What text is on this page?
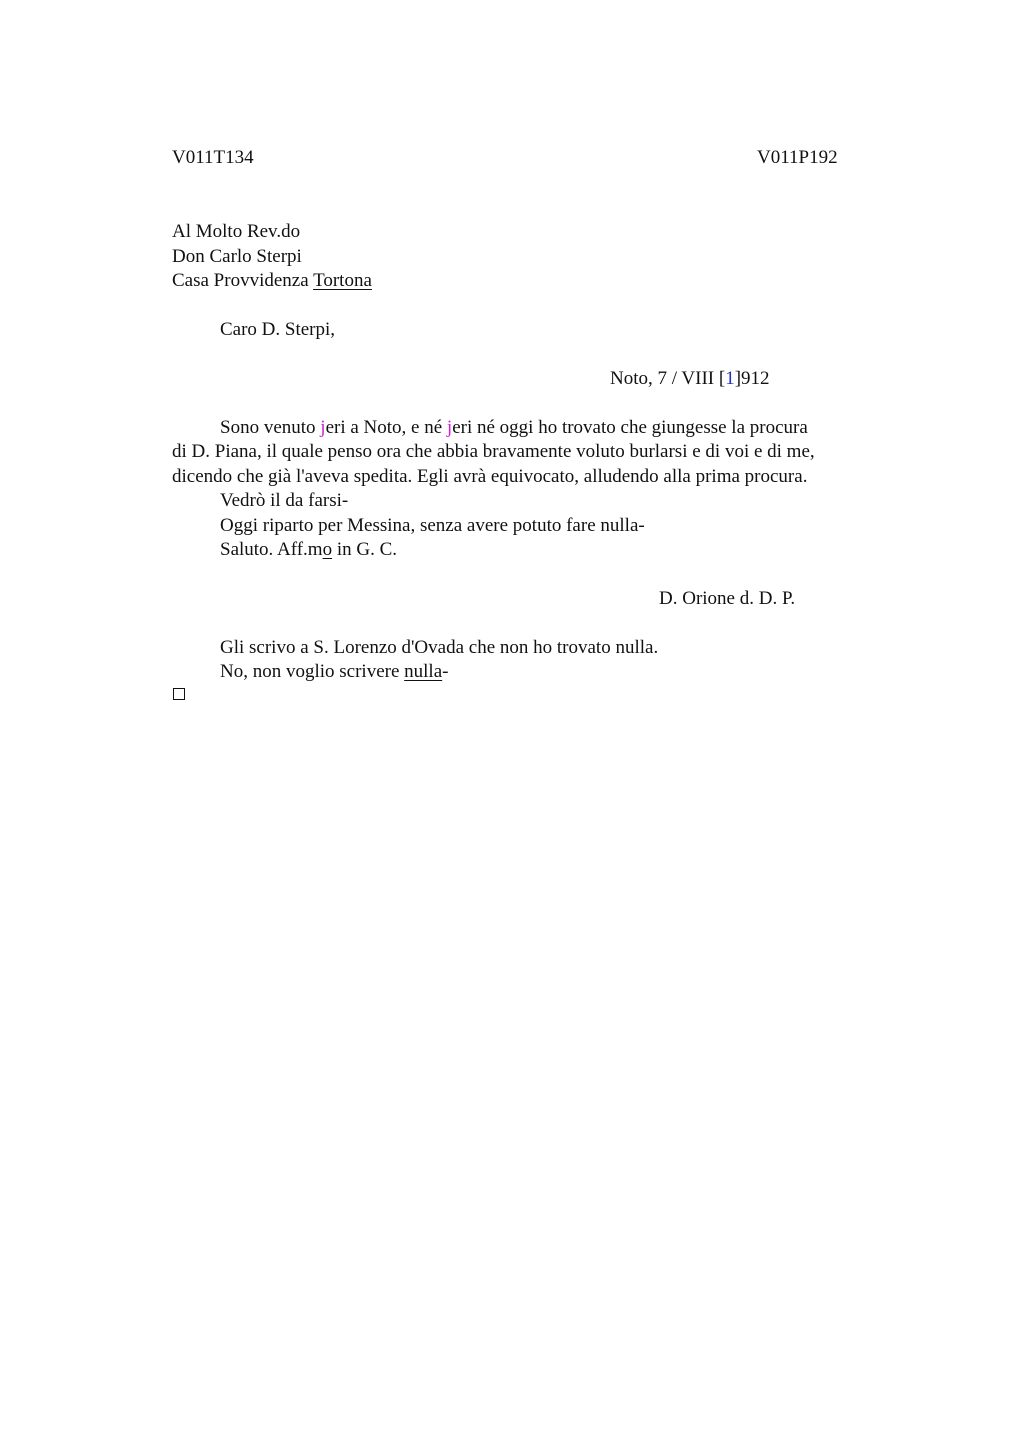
V011T134	V011P192
Al Molto Rev.do
Don Carlo Sterpi
Casa Provvidenza Tortona
Caro D. Sterpi,
Noto, 7 / VIII [1]912
Sono venuto jeri a Noto, e né jeri né oggi ho trovato che giungesse la procura
di D. Piana, il quale penso ora che abbia bravamente voluto burlarsi e di voi e di me,
dicendo che già l'aveva spedita. Egli avrà equivocato, alludendo alla prima procura.
Vedrò il da farsi-
Oggi riparto per Messina, senza avere potuto fare nulla-
Saluto. Aff.mo in G. C.
D. Orione d. D. P.
Gli scrivo a S. Lorenzo d'Ovada che non ho trovato nulla.
No, non voglio scrivere nulla-
